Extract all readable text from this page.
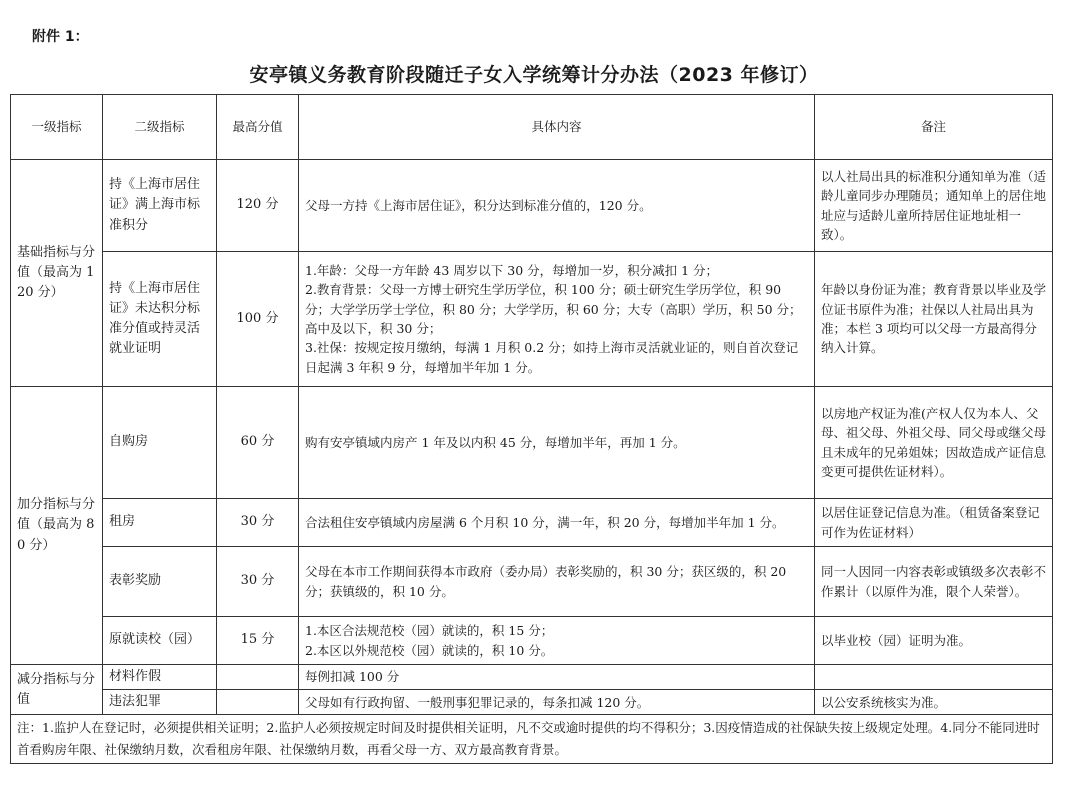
附件 1：
安亭镇义务教育阶段随迁子女入学统筹计分办法（2023 年修订）
一级指标	二级指标	最高分值	具体内容	备注
基础指标与分值（最高为 120 分）	持《上海市居住证》满上海市标准积分	120 分	父母一方持《上海市居住证》，积分达到标准分值的，120 分。	以人社局出具的标准积分通知单为准（适龄儿童同步办理随员；通知单上的居住地址应与适龄儿童所持居住证地址相一致）。
	持《上海市居住证》未达积分标准分值或持灵活就业证明	100 分	1.年龄：父母一方年龄 43 周岁以下 30 分，每增加一岁，积分减扣 1 分；
2.教育背景：父母一方博士研究生学历学位，积 100 分；硕士研究生学历学位，积 90 分；大学学历学士学位，积 80 分；大学学历，积 60 分；大专（高职）学历，积 50 分；高中及以下，积 30 分；
3.社保：按规定按月缴纳，每满 1 月积 0.2 分；如持上海市灵活就业证的，则自首次登记日起满 3 年积 9 分，每增加半年加 1 分。	年龄以身份证为准；教育背景以毕业及学位证书原件为准；社保以人社局出具为准；本栏 3 项均可以父母一方最高得分纳入计算。
加分指标与分值（最高为 80 分）	自购房	60 分	购有安亭镇域内房产 1 年及以内积 45 分，每增加半年，再加 1 分。	以房地产权证为准(产权人仅为本人、父母、祖父母、外祖父母、同父母或继父母且未成年的兄弟姐妹；因故造成产证信息变更可提供佐证材料）。
	租房	30 分	合法租住安亭镇域内房屋满 6 个月积 10 分，满一年，积 20 分，每增加半年加 1 分。	以居住证登记信息为准。（租赁备案登记可作为佐证材料）
	表彰奖励	30 分	父母在本市工作期间获得本市政府（委办局）表彰奖励的，积 30 分；获区级的，积 20 分；获镇级的，积 10 分。	同一人因同一内容表彰或镇级多次表彰不作累计（以原件为准，限个人荣誉）。
	原就读校（园）	15 分	1.本区合法规范校（园）就读的，积 15 分；
2.本区以外规范校（园）就读的，积 10 分。	以毕业校（园）证明为准。
减分指标与分值	材料作假		每例扣减 100 分	

	违法犯罪		父母如有行政拘留、一般刑事犯罪记录的，每条扣减 120 分。	以公安系统核实为准。
注：1.监护人在登记时，必须提供相关证明；2.监护人必须按规定时间及时提供相关证明，凡不交或逾时提供的均不得积分；3.因疫情造成的社保缺失按上级规定处理。4.同分不能同进时首看购房年限、社保缴纳月数，次看租房年限、社保缴纳月数，再看父母一方、双方最高教育背景。				
